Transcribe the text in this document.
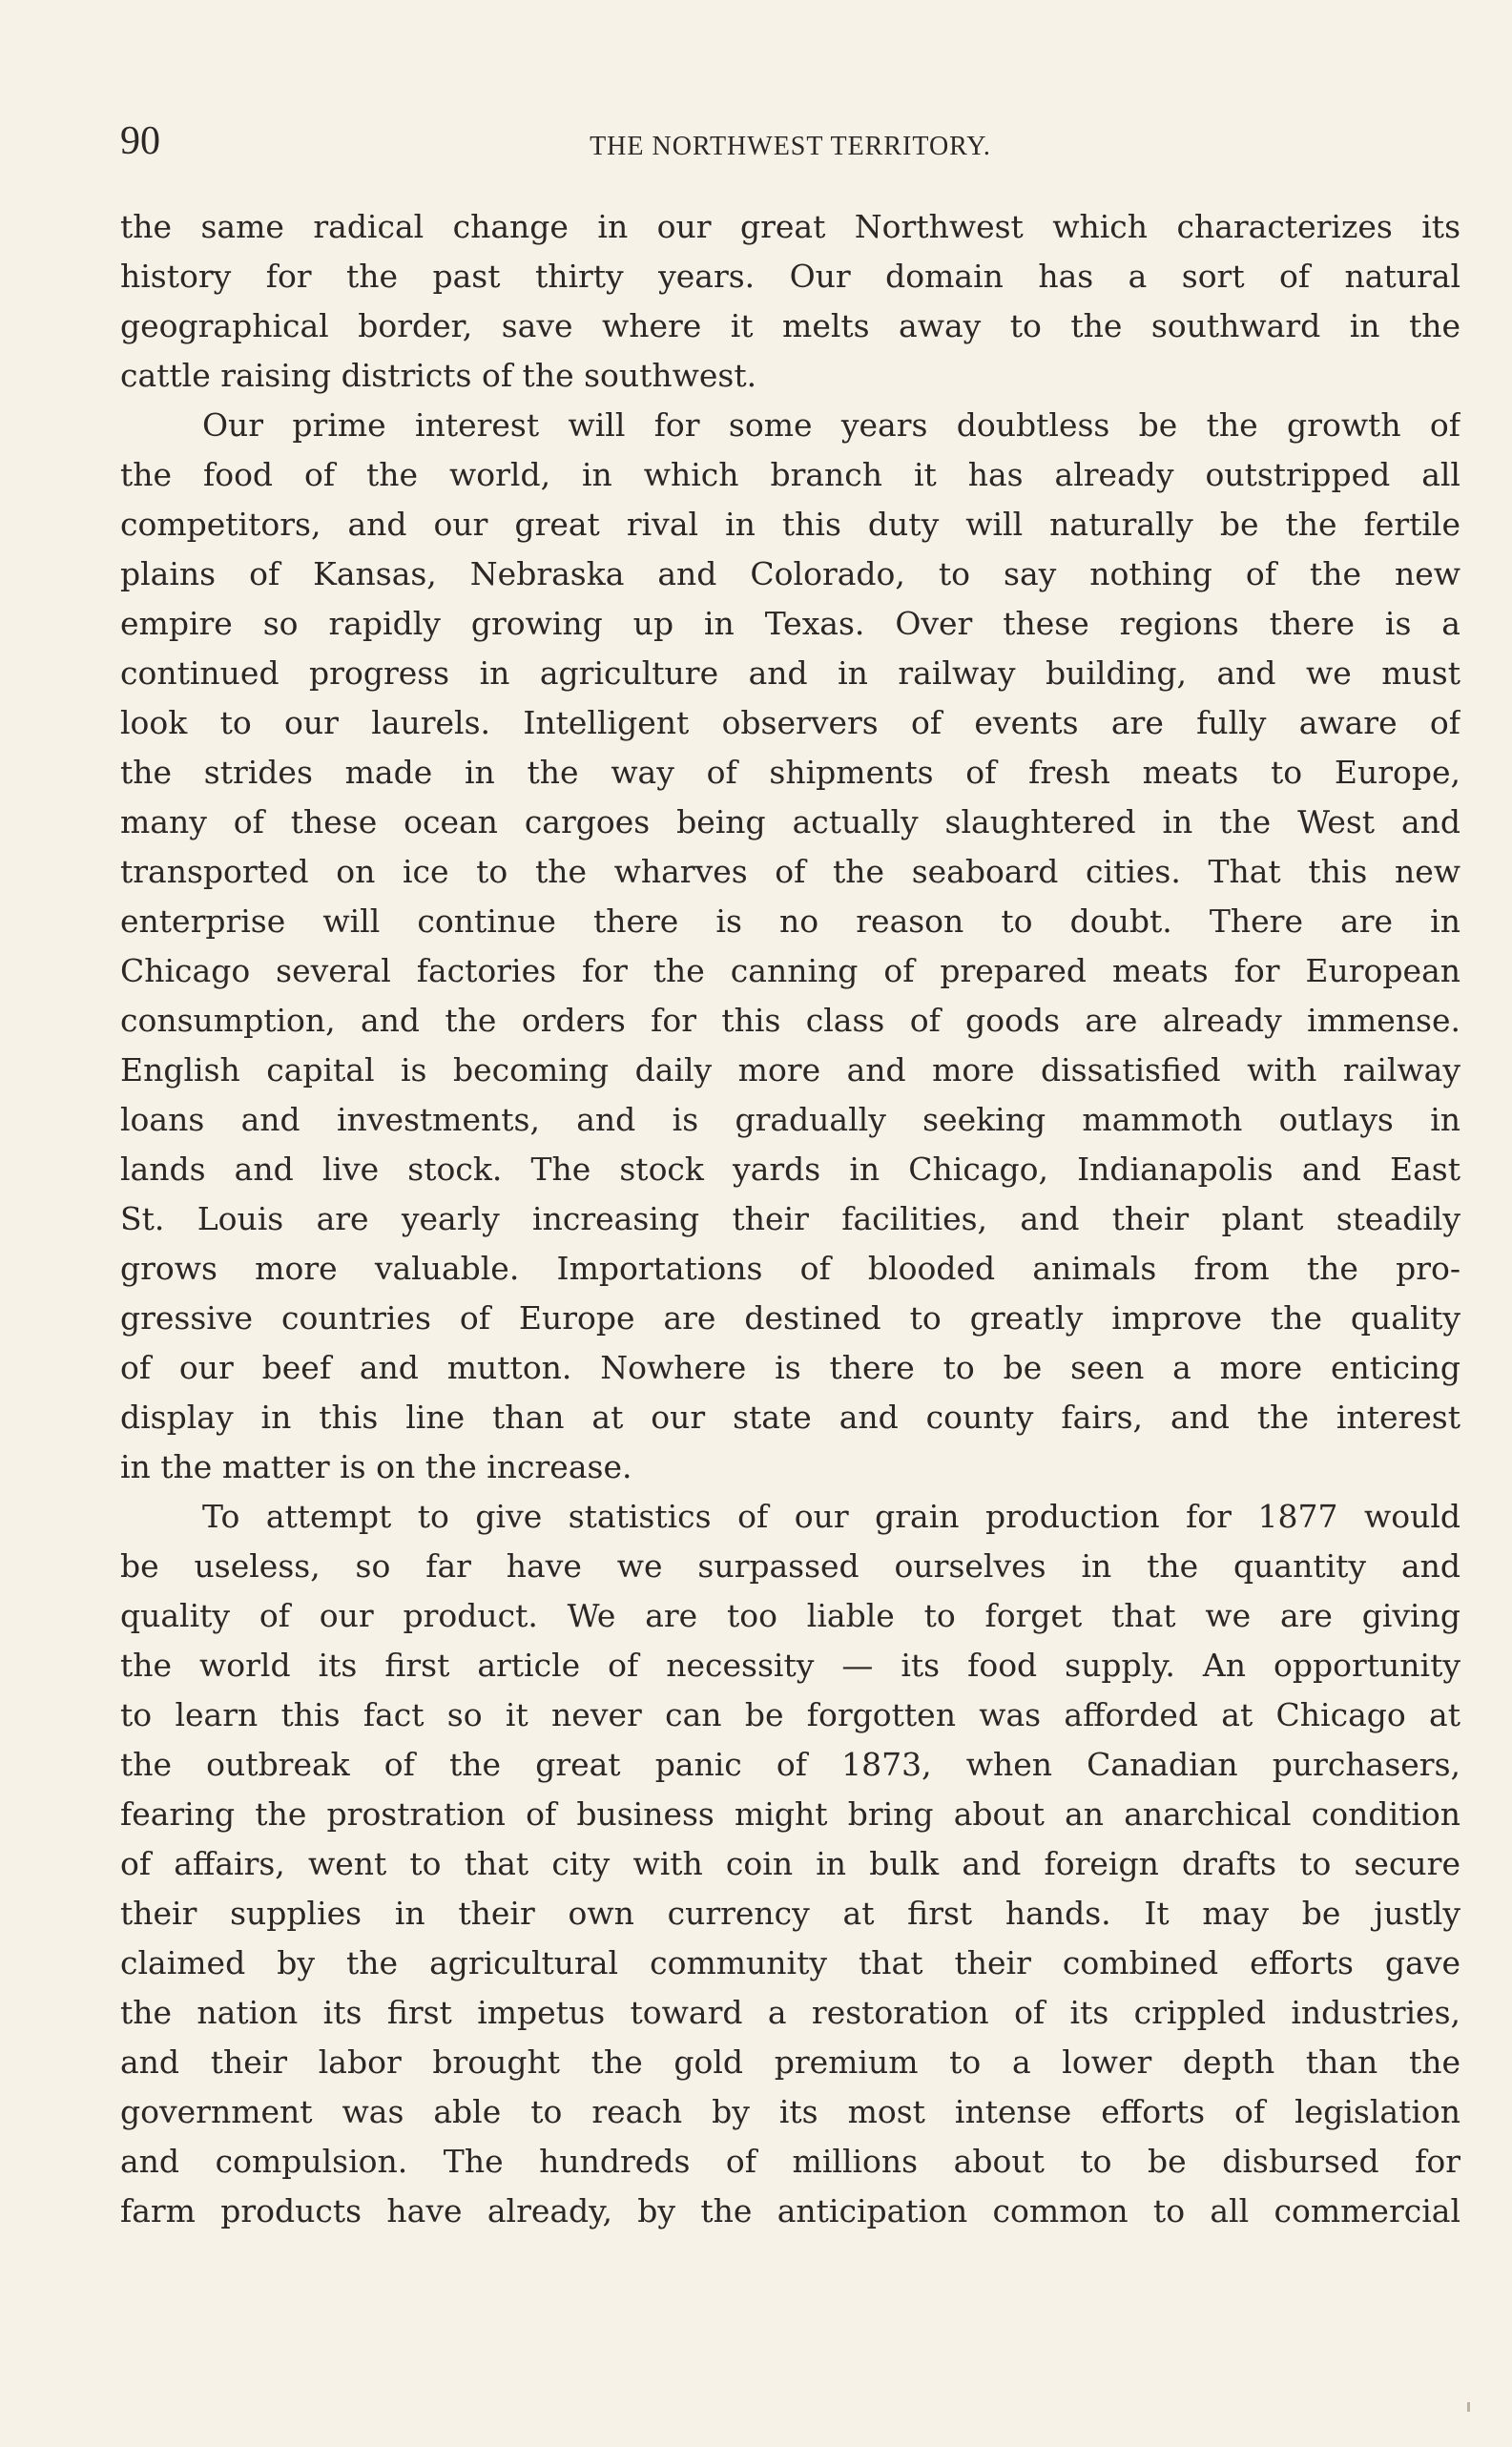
90	THE NORTHWEST TERRITORY.
the same radical change in our great Northwest which characterizes its
history for the past thirty years. Our domain has a sort of natural
geographical border, save where it melts away to the southward in the
cattle raising districts of the southwest.
Our prime interest will for some years doubtless be the growth of
the food of the world, in which branch it has already outstripped all
competitors, and our great rival in this duty will naturally be the fertile
plains of Kansas, Nebraska and Colorado, to say nothing of the new
empire so rapidly growing up in Texas. Over these regions there is a
continued progress in agriculture and in railway building, and we must
look to our laurels. Intelligent observers of events are fully aware of
the strides made in the way of shipments of fresh meats to Europe,
many of these ocean cargoes being actually slaughtered in the West and
transported on ice to the wharves of the seaboard cities. That this new
enterprise will continue there is no reason to doubt. There are in
Chicago several factories for the canning of prepared meats for European
consumption, and the orders for this class of goods are already immense.
English capital is becoming daily more and more dissatisfied with railway
loans and investments, and is gradually seeking mammoth outlays in
lands and live stock. The stock yards in Chicago, Indianapolis and East
St. Louis are yearly increasing their facilities, and their plant steadily
grows more valuable. Importations of blooded animals from the pro-
gressive countries of Europe are destined to greatly improve the quality
of our beef and mutton. Nowhere is there to be seen a more enticing
display in this line than at our state and county fairs, and the interest
in the matter is on the increase.
To attempt to give statistics of our grain production for 1877 would
be useless, so far have we surpassed ourselves in the quantity and
quality of our product. We are too liable to forget that we are giving
the world its first article of necessity — its food supply. An opportunity
to learn this fact so it never can be forgotten was afforded at Chicago at
the outbreak of the great panic of 1873, when Canadian purchasers,
fearing the prostration of business might bring about an anarchical condition
of affairs, went to that city with coin in bulk and foreign drafts to secure
their supplies in their own currency at first hands. It may be justly
claimed by the agricultural community that their combined efforts gave
the nation its first impetus toward a restoration of its crippled industries,
and their labor brought the gold premium to a lower depth than the
government was able to reach by its most intense efforts of legislation
and compulsion. The hundreds of millions about to be disbursed for
farm products have already, by the anticipation common to all commercial
